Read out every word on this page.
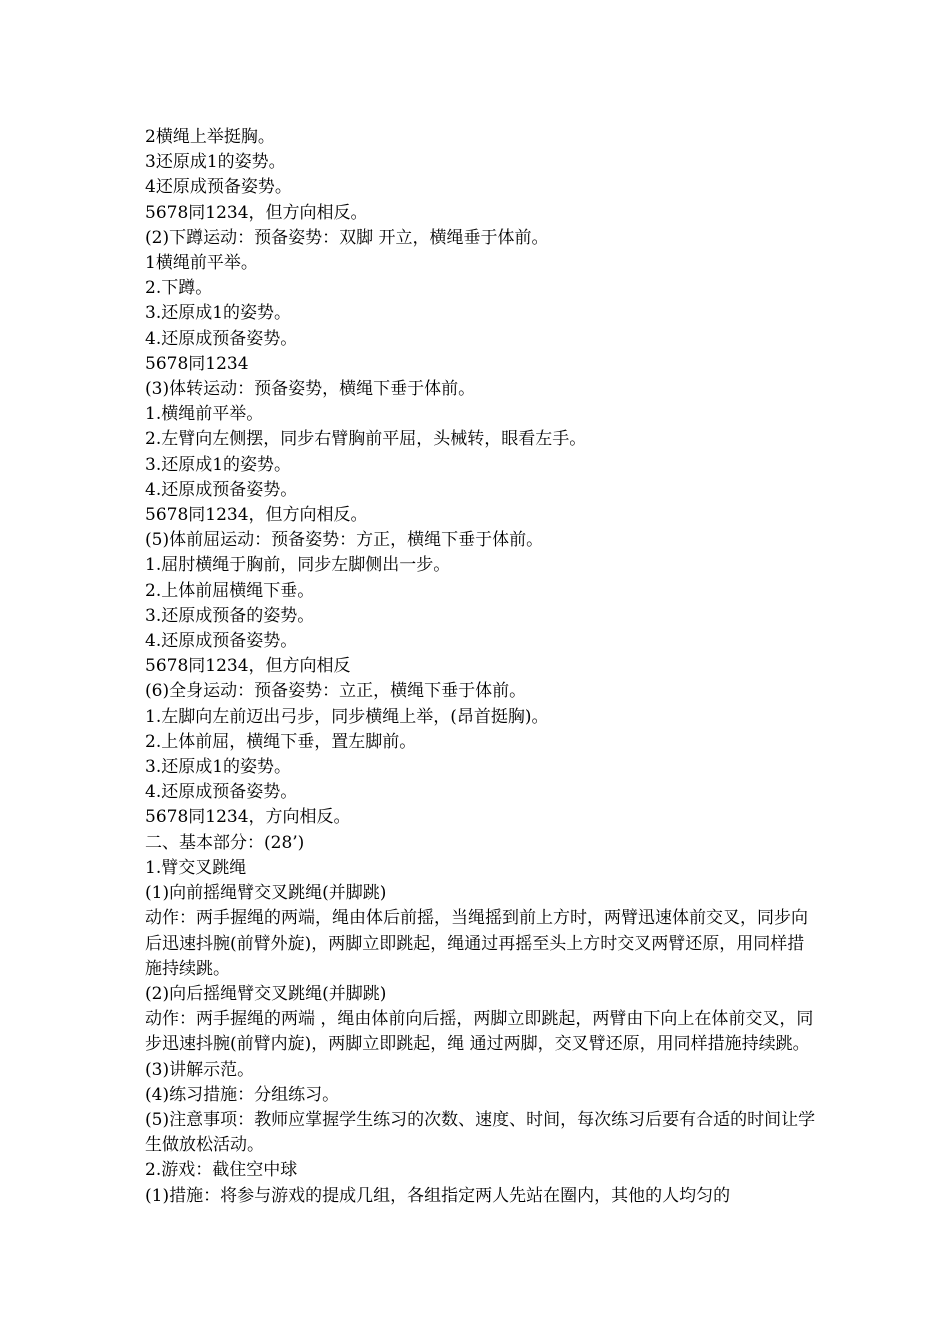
2横绳上举挺胸。
3还原成1的姿势。
4还原成预备姿势。
5678同1234，但方向相反。
(2)下蹲运动：预备姿势：双脚 开立，横绳垂于体前。
1横绳前平举。
2.下蹲。
3.还原成1的姿势。
4.还原成预备姿势。
5678同1234
(3)体转运动：预备姿势，横绳下垂于体前。
1.横绳前平举。
2.左臂向左侧摆，同步右臂胸前平屈，头械转，眼看左手。
3.还原成1的姿势。
4.还原成预备姿势。
5678同1234，但方向相反。
(5)体前屈运动：预备姿势：方正，横绳下垂于体前。
1.屈肘横绳于胸前，同步左脚侧出一步。
2.上体前屈横绳下垂。
3.还原成预备的姿势。
4.还原成预备姿势。
5678同1234，但方向相反
(6)全身运动：预备姿势：立正，横绳下垂于体前。
1.左脚向左前迈出弓步，同步横绳上举，(昂首挺胸)。
2.上体前屈，横绳下垂，置左脚前。
3.还原成1的姿势。
4.还原成预备姿势。
5678同1234，方向相反。
二、基本部分：(28’)
1.臂交叉跳绳
(1)向前摇绳臂交叉跳绳(并脚跳)
动作：两手握绳的两端，绳由体后前摇，当绳摇到前上方时，两臂迅速体前交叉，同步向后迅速抖腕(前臂外旋)，两脚立即跳起，绳通过再摇至头上方时交叉两臂还原，用同样措施持续跳。
(2)向后摇绳臂交叉跳绳(并脚跳)
动作：两手握绳的两端 ，绳由体前向后摇，两脚立即跳起，两臂由下向上在体前交叉，同步迅速抖腕(前臂内旋)，两脚立即跳起，绳 通过两脚，交叉臂还原，用同样措施持续跳。
(3)讲解示范。
(4)练习措施：分组练习。
(5)注意事项：教师应掌握学生练习的次数、速度、时间，每次练习后要有合适的时间让学生做放松活动。
2.游戏：截住空中球
(1)措施：将参与游戏的提成几组，各组指定两人先站在圈内，其他的人均匀的
